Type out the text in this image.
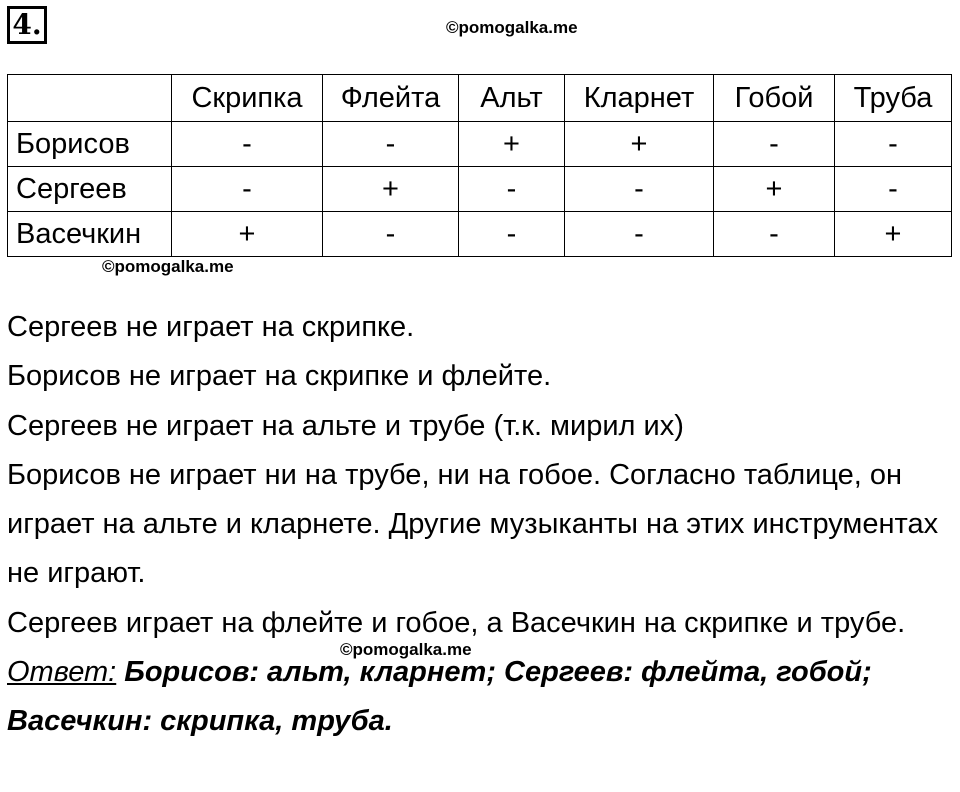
4.	©pomogalka.me
	Скрипка	Флейта	Альт	Кларнет	Гобой	Труба
Борисов	-	-	+	+	-	-
Сергеев	-	+	-	-	+	-
Васечкин	+	-	-	-	-	+
©pomogalka.me

Сергеев не играет на скрипке.

Борисов не играет на скрипке и флейте.

Сергеев не играет на альте и трубе (т.к. мирил их)

Борисов не играет ни на трубе, ни на гобое. Согласно таблице, он играет на альте и кларнете. Другие музыканты на этих инструментах не играют.

Сергеев играет на флейте и гобое, а Васечкин на скрипке и трубе.

Ответ: Борисов: альт, кларнет; Сергеев: флейта, гобой; Васечкин: скрипка, труба.

©pomogalka.me
